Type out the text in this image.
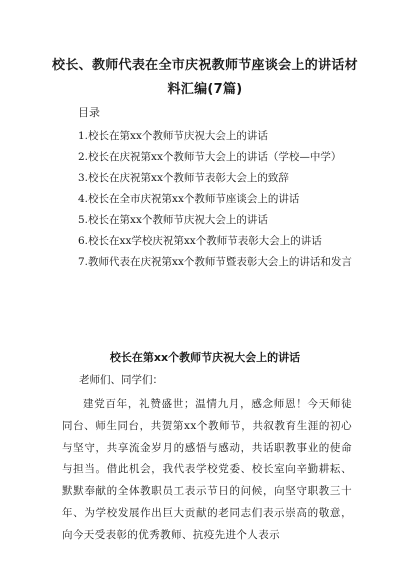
校长、教师代表在全市庆祝教师节座谈会上的讲话材料汇编(7篇)
目录
1.校长在第xx个教师节庆祝大会上的讲话
2.校长在庆祝第xx个教师节大会上的讲话（学校—中学）
3.校长在庆祝第xx个教师节表彰大会上的致辞
4.校长在全市庆祝第xx个教师节座谈会上的讲话
5.校长在第xx个教师节庆祝大会上的讲话
6.校长在xx学校庆祝第xx个教师节表彰大会上的讲话
7.教师代表在庆祝第xx个教师节暨表彰大会上的讲话和发言
校长在第xx个教师节庆祝大会上的讲话
老师们、同学们：
建党百年，礼赞盛世；温情九月，感念师恩！今天师徒同台、师生同台，共贺第xx个教师节，共叙教育生涯的初心与坚守，共享流金岁月的感悟与感动，共话职教事业的使命与担当。借此机会，我代表学校党委、校长室向辛勤耕耘、默默奉献的全体教职员工表示节日的问候，向坚守职教三十年、为学校发展作出巨大贡献的老同志们表示崇高的敬意，向今天受表彰的优秀教师、抗疫先进个人表示
